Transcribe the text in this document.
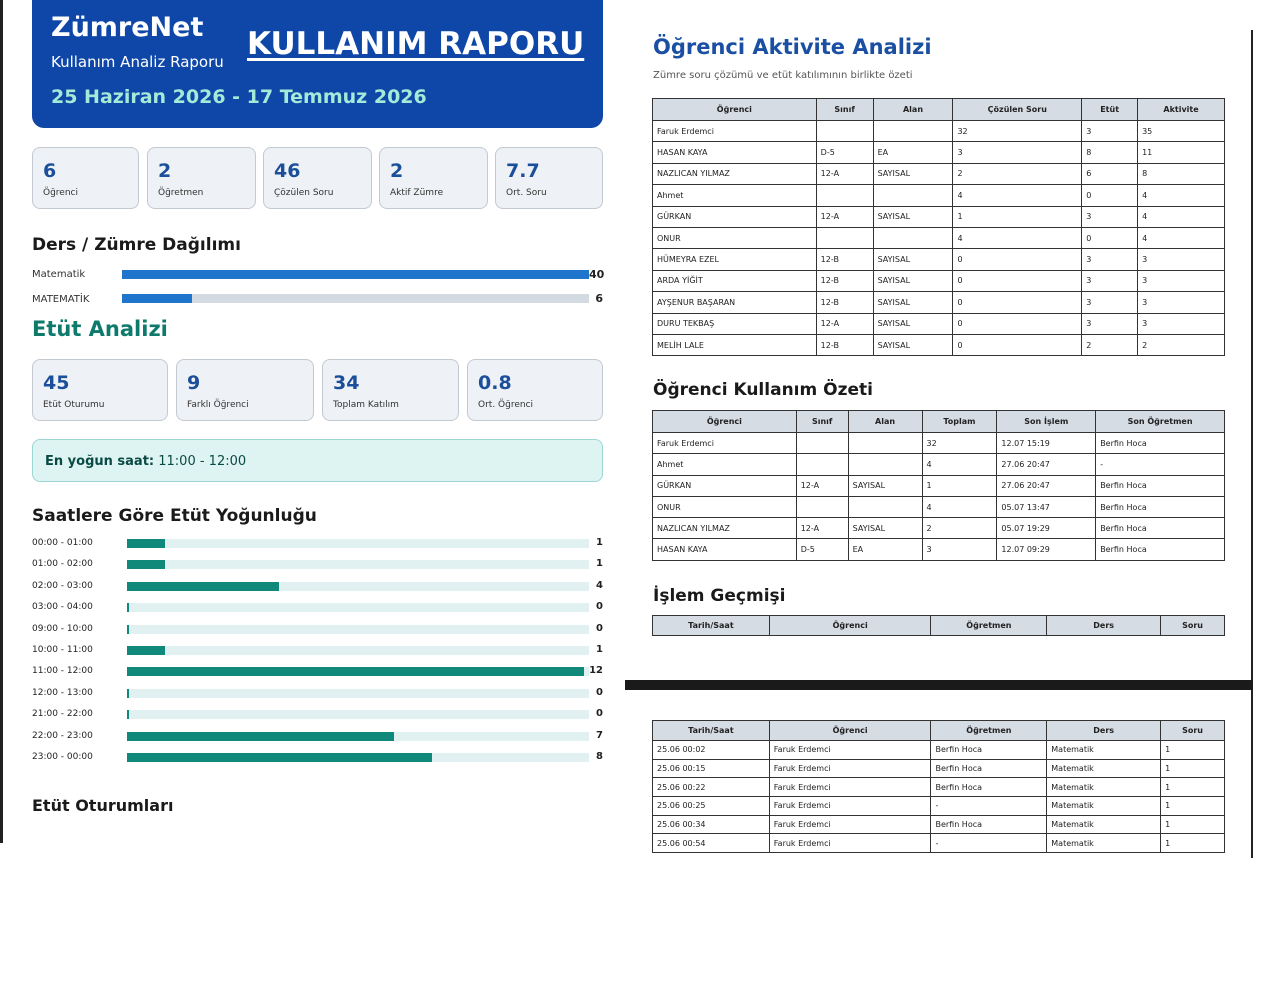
ZümreNet
Kullanım Analiz Raporu KULLANIM RAPORU
25 Haziran 2026 - 17 Temmuz 2026
6
Öğrenci
2
Öğretmen
46
Çözülen Soru
2
Aktif Zümre
7.7
Ort. Soru
Ders / Zümre Dağılımı
Matematik	40
MATEMATİK	6
Etüt Analizi
45
Etüt Oturumu
9
Farklı Öğrenci
34
Toplam Katılım
0.8
Ort. Öğrenci
En yoğun saat: 11:00 - 12:00
Saatlere Göre Etüt Yoğunluğu
00:00 - 01:00	1
01:00 - 02:00	1
02:00 - 03:00	4
03:00 - 04:00	0
09:00 - 10:00	0
10:00 - 11:00	1
11:00 - 12:00	12
12:00 - 13:00	0
21:00 - 22:00	0
22:00 - 23:00	7
23:00 - 00:00	8
Etüt Oturumları
Öğrenci Aktivite Analizi
Zümre soru çözümü ve etüt katılımının birlikte özeti
Öğrenci	Sınıf	Alan	Çözülen Soru	Etüt	Aktivite
Faruk Erdemci			32	3	35
HASAN KAYA	D-5	EA	3	8	11
NAZLICAN YILMAZ	12-A	SAYISAL	2	6	8
Ahmet			4	0	4
GÜRKAN	12-A	SAYISAL	1	3	4
ONUR			4	0	4
HÜMEYRA EZEL	12-B	SAYISAL	0	3	3
ARDA YİĞİT	12-B	SAYISAL	0	3	3
AYŞENUR BAŞARAN	12-B	SAYISAL	0	3	3
DURU TEKBAŞ	12-A	SAYISAL	0	3	3
MELİH LALE	12-B	SAYISAL	0	2	2
Öğrenci Kullanım Özeti
Öğrenci	Sınıf	Alan	Toplam	Son İşlem	Son Öğretmen
Faruk Erdemci			32	12.07 15:19	Berfin Hoca
Ahmet			4	27.06 20:47	-
GÜRKAN	12-A	SAYISAL	1	27.06 20:47	Berfin Hoca
ONUR			4	05.07 13:47	Berfin Hoca
NAZLICAN YILMAZ	12-A	SAYISAL	2	05.07 19:29	Berfin Hoca
HASAN KAYA	D-5	EA	3	12.07 09:29	Berfin Hoca
İşlem Geçmişi
Tarih/Saat	Öğrenci	Öğretmen	Ders	Soru
Tarih/Saat	Öğrenci	Öğretmen	Ders	Soru
25.06 00:02	Faruk Erdemci	Berfin Hoca	Matematik	1
25.06 00:15	Faruk Erdemci	Berfin Hoca	Matematik	1
25.06 00:22	Faruk Erdemci	Berfin Hoca	Matematik	1
25.06 00:25	Faruk Erdemci	-	Matematik	1
25.06 00:34	Faruk Erdemci	Berfin Hoca	Matematik	1
25.06 00:54	Faruk Erdemci	-	Matematik	1
